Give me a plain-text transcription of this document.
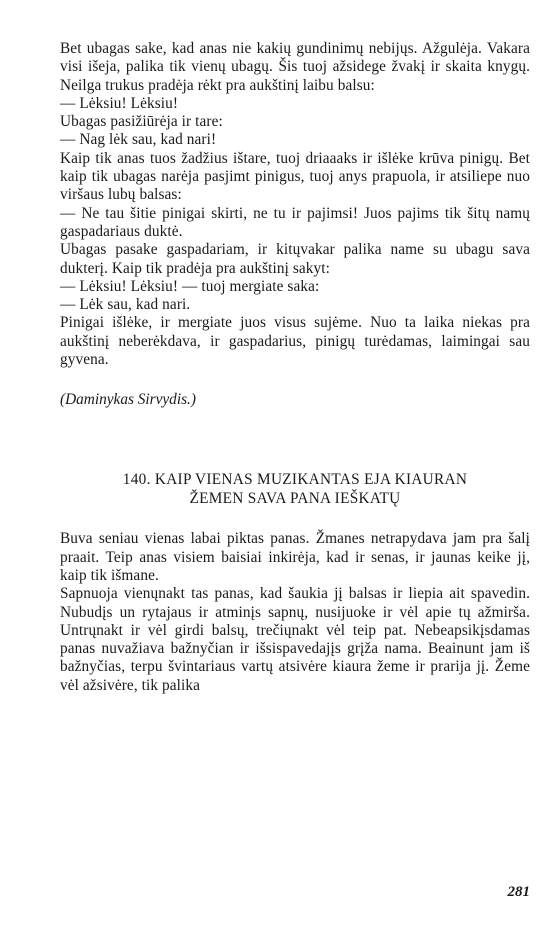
Bet ubagas sake, kad anas nie kakių gundinimų nebijųs. Ažgulėja. Vakara visi išeja, palika tik vienų ubagų. Šis tuoj ažsidege žvakį ir skaita knygų. Neilga trukus pradėja rėkt pra aukštinį laibu balsu:

— Lėksiu! Lėksiu!

Ubagas pasižiūrėja ir tare:

— Nag lėk sau, kad nari!

Kaip tik anas tuos žadžius ištare, tuoj driaaaks ir išlėke krūva pinigų. Bet kaip tik ubagas narėja pasjimt pinigus, tuoj anys prapuola, ir atsiliepe nuo viršaus lubų balsas:

— Ne tau šitie pinigai skirti, ne tu ir pajimsi! Juos pajims tik šitų namų gaspadariaus duktė.

Ubagas pasake gaspadariam, ir kitųvakar palika name su ubagu sava dukterį. Kaip tik pradėja pra aukštinį sakyt:

— Lėksiu! Lėksiu! — tuoj mergiate saka:

— Lėk sau, kad nari.

Pinigai išlėke, ir mergiate juos visus sujėme. Nuo ta laika niekas pra aukštinį neberėkdava, ir gaspadarius, pinigų turėdamas, laimingai sau gyvena.

(Daminykas Sirvydis.)

140. KAIP VIENAS MUZIKANTAS EJA KIAURAN

ŽEMEN SAVA PANA IEŠKATŲ

Buva seniau vienas labai piktas panas. Žmanes netrapydava jam pra šalį praait. Teip anas visiem baisiai inkirėja, kad ir senas, ir jaunas keike jį, kaip tik išmane.

Sapnuoja vienųnakt tas panas, kad šaukia jį balsas ir liepia ait spavedin. Nubudįs un rytajaus ir atminįs sapnų, nusijuoke ir vėl apie tų ažmirša. Untrųnakt ir vėl girdi balsų, trečiųnakt vėl teip pat. Nebeapsikįsdamas panas nuvažiava bažnyčian ir išsispavedajįs grįža nama. Beainunt jam iš bažnyčias, terpu švintariaus vartų atsivėre kiaura žeme ir prarija jį. Žeme vėl ažsivėre, tik palika

281
